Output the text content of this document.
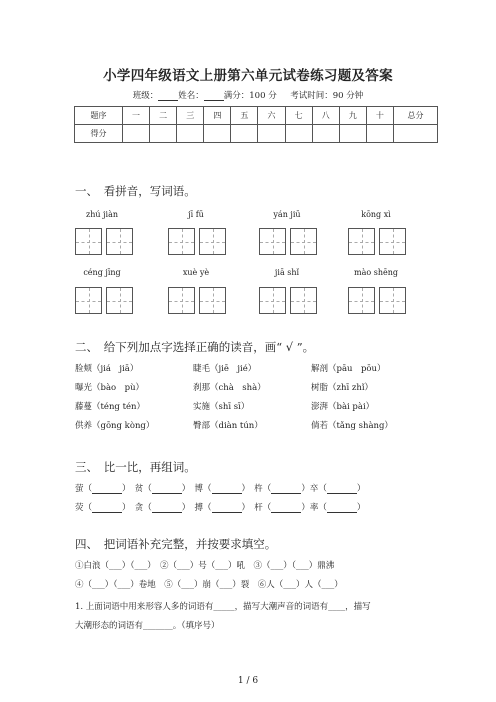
小学四年级语文上册第六单元试卷练习题及答案
班级： 姓名： 满分：100 分 考试时间：90 分钟
题序	一	二	三	四	五	六	七	八	九	十	总分
得分											
一、　看拼音，写词语。
zhú jiàn	jī fū	yán jiū	kōng xì
céng jīng	xuè yè	jiā shǐ	mào shēng
二、　给下列加点字选择正确的读音，画“ √ ”。
脸颊（jiá　jiā）	睫毛（jiē　jié）	解剖（pāu　pōu）
曝光（bào　pù）	刹那（chà　shà）	树脂（zhī zhǐ）
藤蔓（téng tén）	实施（shī sī）	澎湃（bài pài）
供养（gōng kòng）	臀部（diàn tún）	倘若（tǎng shàng）
三、　比一比，再组词。
萤（	）　贫（	）　博（	）　杵（	）卒（	）
荧（	）　贪（	）　搏（	）　杆（	）率（	）
四、　把词语补充完整，并按要求填空。
①白浪（___）（___）　②（___）号（___）吼　③（___）（___）鼎沸
④（___）（___）卷地　⑤（___）崩（___）裂　⑥人（___）人（___）
1. 上面词语中用来形容人多的词语有_____，描写大潮声音的词语有____，描写
大潮形态的词语有_______。（填序号）
1 / 6
